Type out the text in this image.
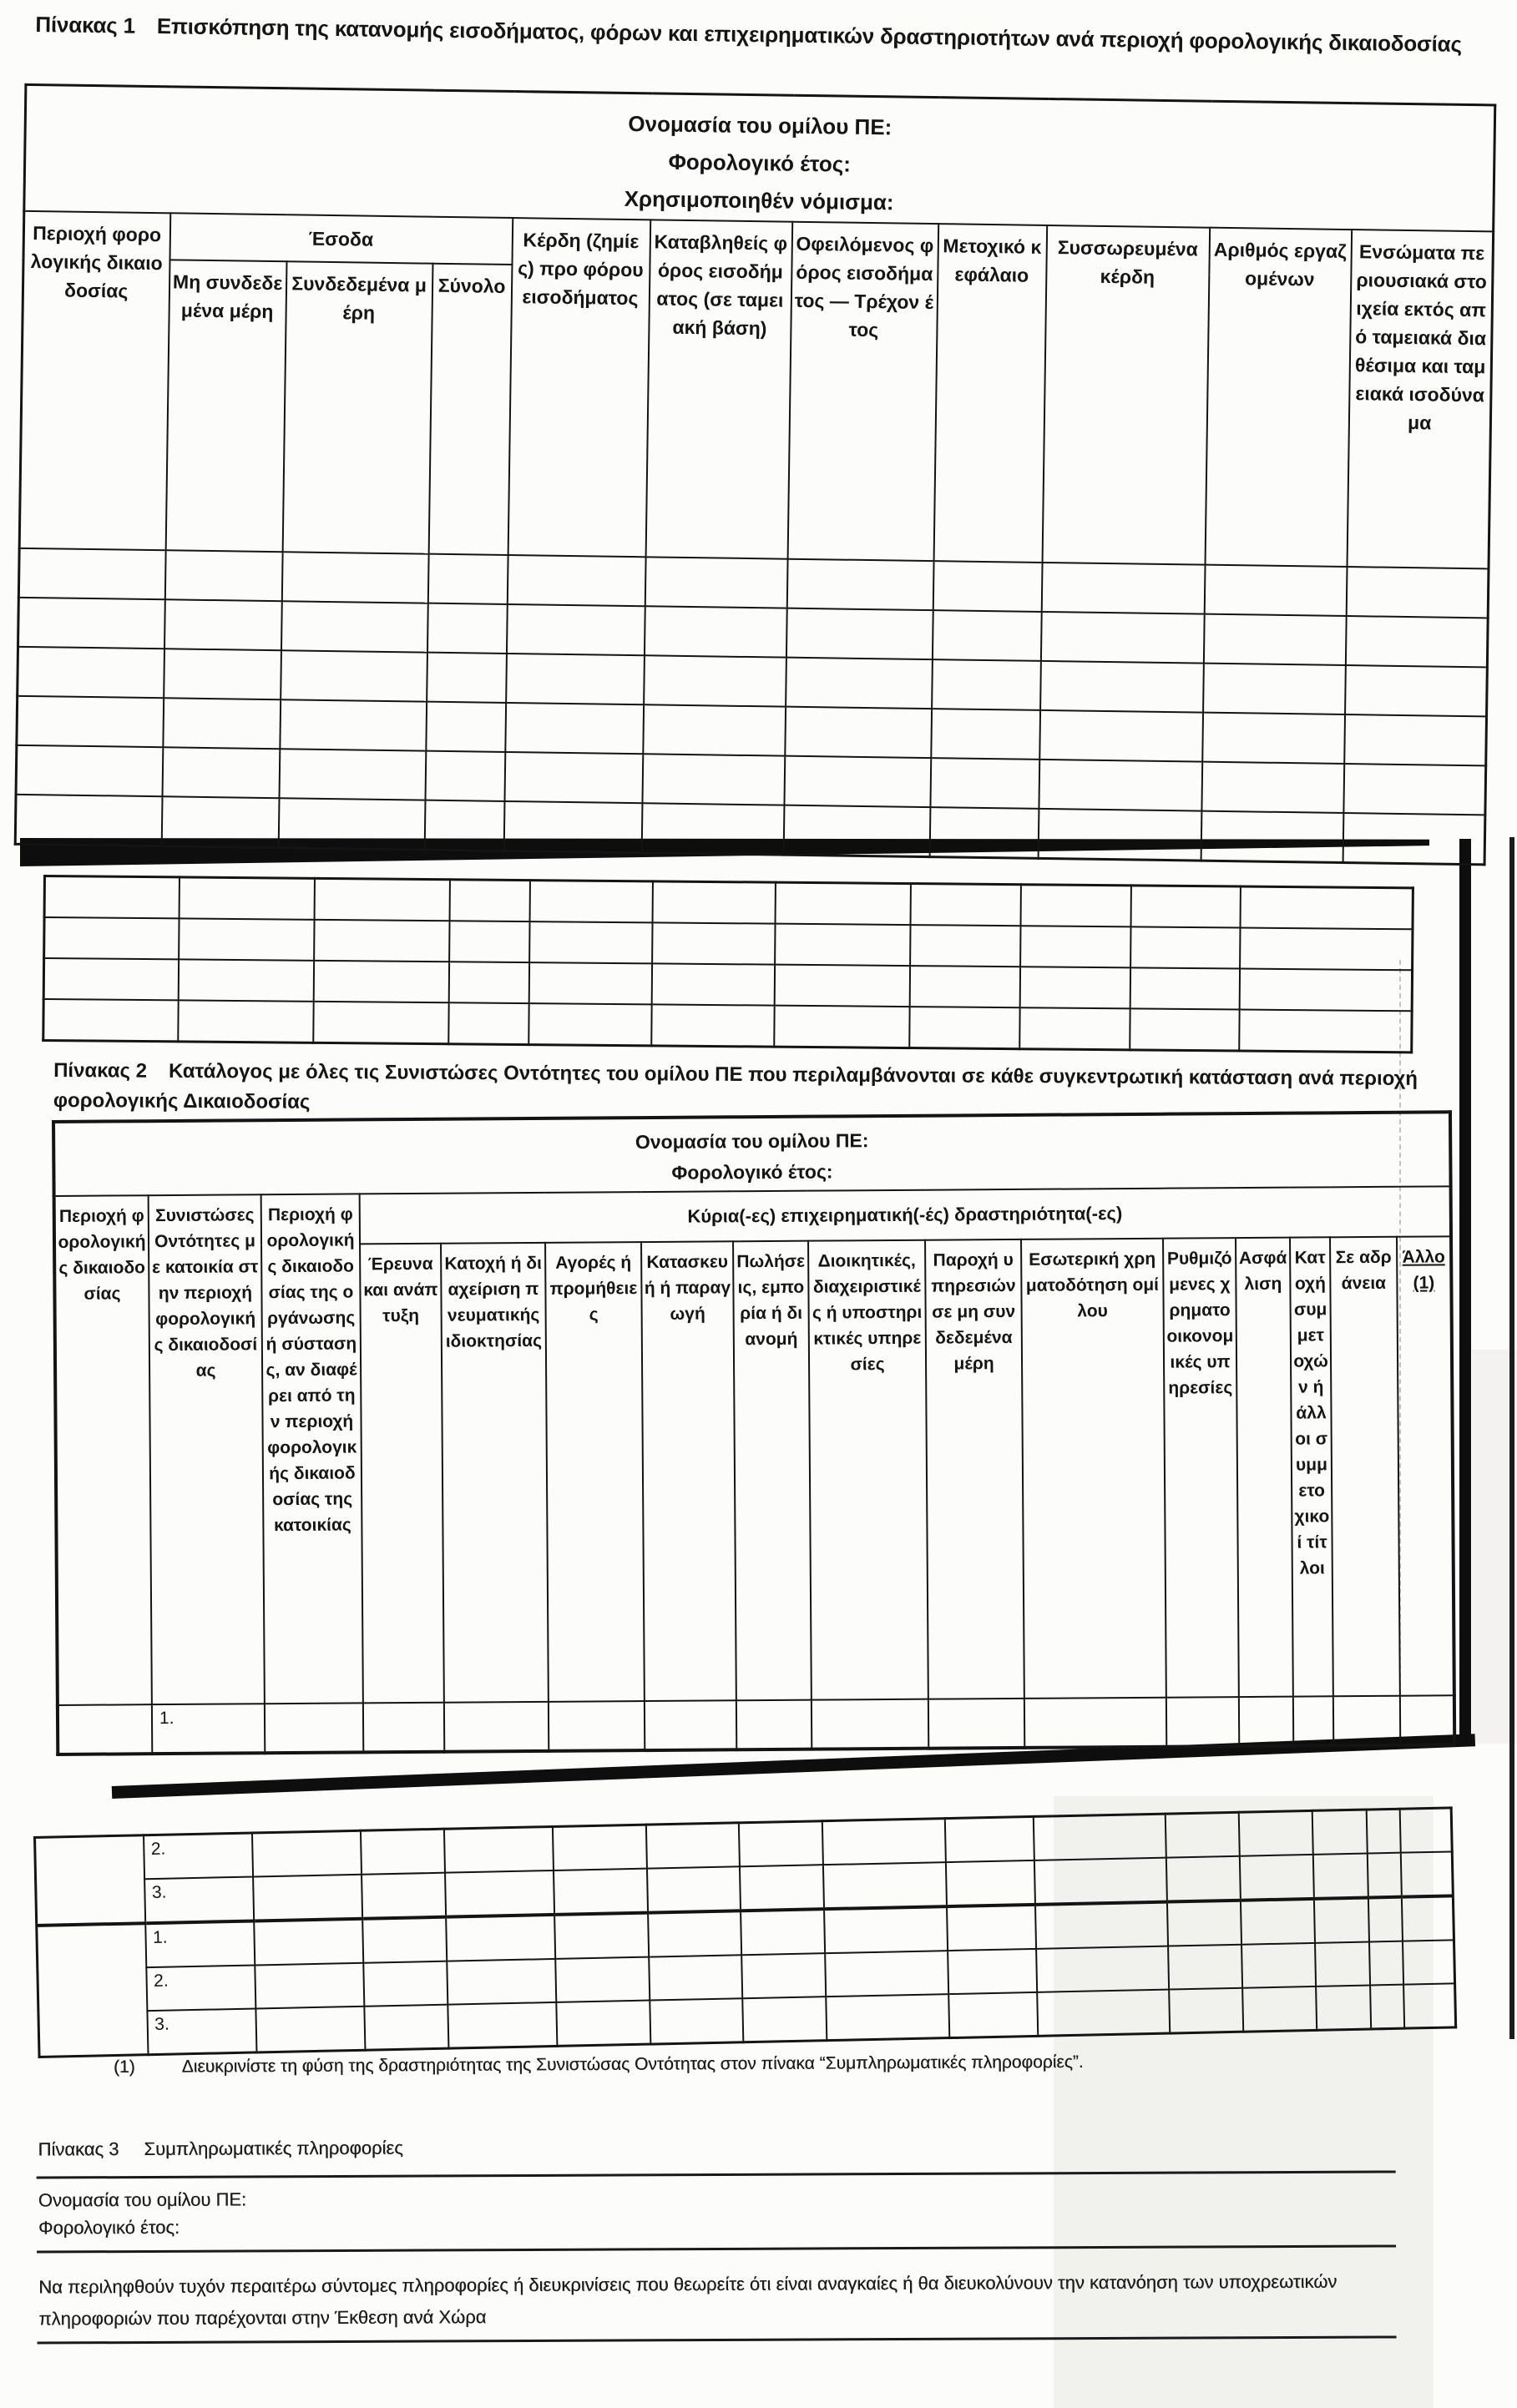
Πίνακας 1 Επισκόπηση της κατανομής εισοδήματος, φόρων και επιχειρηματικών δραστηριοτήτων ανά περιοχή φορολογικής δικαιοδοσίας
Ονομασία του ομίλου ΠΕ:
Φορολογικό έτος:
Χρησιμοποιηθέν νόμισμα:										

Περιοχή φορολογικής δικαιοδοσίας	Έσοδα			Κέρδη (ζημίες) προ φόρου εισοδήματος	Καταβληθείς φόρος εισοδήματος (σε ταμειακή βάση)	Οφειλόμενος φόρος εισοδήματος — Τρέχον έτος	Μετοχικό κεφάλαιο	Συσσωρευμένα κέρδη	Αριθμός εργαζομένων	Ενσώματα περιουσιακά στοιχεία εκτός από ταμειακά διαθέσιμα και ταμειακά ισοδύναμα
	Μη συνδεδεμένα μέρη	Συνδεδεμένα μέρη	Σύνολο							

Πίνακας 2 Κατάλογος με όλες τις Συνιστώσες Οντότητες του ομίλου ΠΕ που περιλαμβάνονται σε κάθε συγκεντρωτική κατάσταση ανά περιοχή φορολογικής Δικαιοδοσίας
Ονομασία του ομίλου ΠΕ:
Φορολογικό έτος:															

Περιοχή φορολογικής δικαιοδοσίας	Συνιστώσες Οντότητες με κατοικία στην περιοχή φορολογικής δικαιοδοσίας	Περιοχή φορολογικής δικαιοδοσίας της οργάνωσης ή σύστασης, αν διαφέρει από την περιοχή φορολογικής δικαιοδοσίας της κατοικίας	Κύρια(-ες) επιχειρηματική(-ές) δραστηριότητα(-ες)												
			Έρευνα και ανάπτυξη	Κατοχή ή διαχείριση πνευματικής ιδιοκτησίας	Αγορές ή προμήθειες	Κατασκευή ή παραγωγή	Πωλήσεις, εμπορία ή διανομή	Διοικητικές, διαχειριστικές ή υποστηρικτικές υπηρεσίες	Παροχή υπηρεσιών σε μη συνδεδεμένα μέρη	Εσωτερική χρηματοδότηση ομίλου	Ρυθμιζόμενες χρηματοοικονομικές υπηρεσίες	Ασφάλιση	Κατοχή συμμετοχών ή άλλοι συμμετοχικοί τίτλοι	Σε αδράνεια	Άλλο (1)
	1.														
	2.														
	3.														
	1.														
	2.														
	3.														
(1)	Διευκρινίστε τη φύση της δραστηριότητας της Συνιστώσας Οντότητας στον πίνακα “Συμπληρωματικές πληροφορίες”.
Πίνακας 3 Συμπληρωματικές πληροφορίες
Ονομασία του ομίλου ΠΕ:
Φορολογικό έτος:
Να περιληφθούν τυχόν περαιτέρω σύντομες πληροφορίες ή διευκρινίσεις που θεωρείτε ότι είναι αναγκαίες ή θα διευκολύνουν την κατανόηση των υποχρεωτικών πληροφοριών που παρέχονται στην Έκθεση ανά Χώρα
